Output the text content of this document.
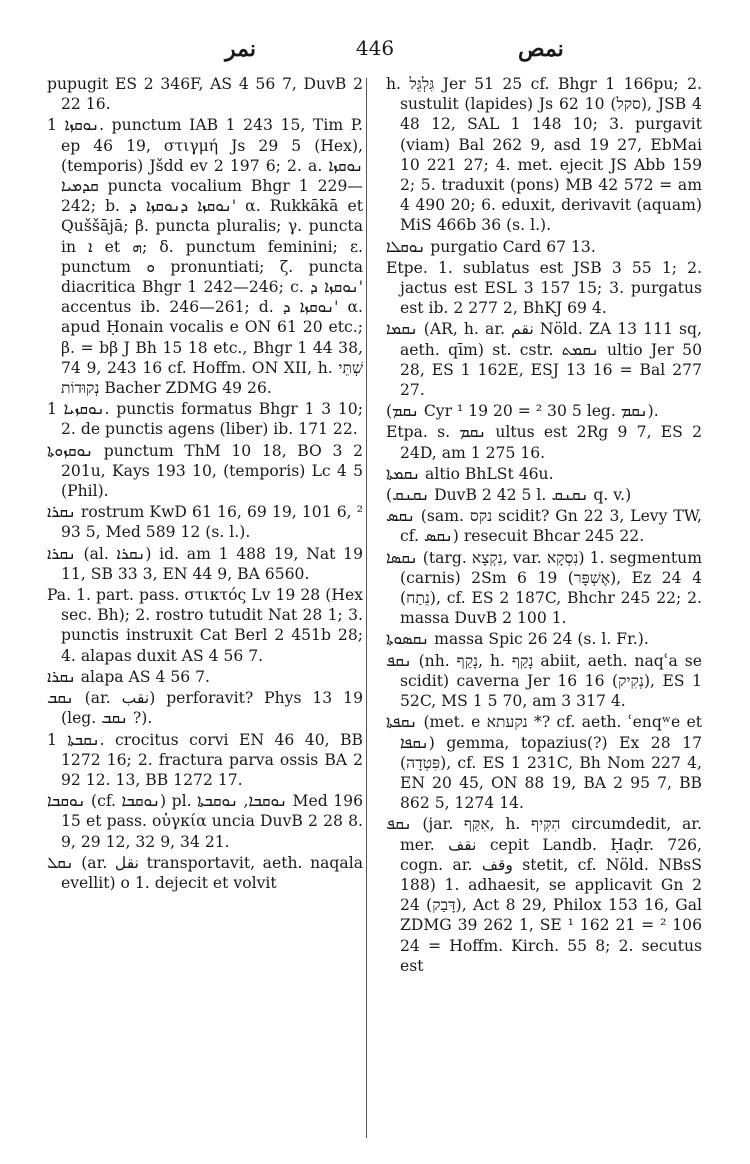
نمر	446	نمص

pupugit ES 2 346F, AS 4 56 7, DuvB 2 22 16.

ܢܘܩܙܐ 1. punctum IAB 1 243 15, Tim P. ep 46 19, στιγμή Js 29 5 (Hex), (temporis) Jšdd ev 2 197 6; 2. a. ܢܘܩܙܐ ܩܕܡܝܐ puncta vocalium Bhgr 1 229—242; b. ܢܘܩܙܐ ܕܢܘܩܙܐ ܕ' α. Rukkākā et Quššājā; β. puncta pluralis; γ. puncta in ܐ et ܗ; δ. punctum feminini; ε. punctum ܘ pronuntiati; ζ. puncta diacritica Bhgr 1 242—246; c. ܢܘܩܙܐ ܕ' accentus ib. 246—261; d. ܢܘܩܙܐ ܕ' α. apud Ḥonain vocalis e ON 61 20 etc.; β. = bβ J Bh 15 18 etc., Bhgr 1 44 38, 74 9, 243 16 cf. Hoffm. ON XII, h. שְׁתֵּי נְקוּדוֹת Bacher ZDMG 49 26.

ܢܘܩܙܝܐ 1. punctis formatus Bhgr 1 3 10; 2. de punctis agens (liber) ib. 171 22.

ܢܘܩܙܘܬܐ punctum ThM 10 18, BO 3 2 201u, Kays 193 10, (temporis) Lc 4 5 (Phil).

ܢܩܪܐ rostrum KwD 61 16, 69 19, 101 6, ² 93 5, Med 589 12 (s. l.).

ܢܩܪܐ (al. ܢܩܪܐ) id. am 1 488 19, Nat 19 11, SB 33 3, EN 44 9, BA 6560.

Pa. 1. part. pass. στικτός Lv 19 28 (Hex sec. Bh); 2. rostro tutudit Nat 28 1; 3. punctis instruxit Cat Berl 2 451b 28; 4. alapas duxit AS 4 56 7.

ܢܩܪܐ alapa AS 4 56 7.

ܢܩܒ (ar. نقب) perforavit? Phys 13 19 (leg. ܢܩܒ ?).

ܢܩܒܬܐ 1. crocitus corvi EN 46 40, BB 1272 16; 2. fractura parva ossis BA 2 92 12. 13, BB 1272 17.

ܢܘܩܒܐ (cf. ܢܘܩܒܐ) pl. ܢܘܩܒܐ, ܢܘܩܒܬܐ Med 196 15 et pass. οὐγκία uncia DuvB 2 28 8. 9, 29 12, 32 9, 34 21.

ܢܩܠ (ar. نقل transportavit, aeth. naqala evellit) o 1. dejecit et volvit

h. גִּלְגֵּל Jer 51 25 cf. Bhgr 1 166pu; 2. sustulit (lapides) Js 62 10 (סקל), JSB 4 48 12, SAL 1 148 10; 3. purgavit (viam) Bal 262 9, asd 19 27, EbMai 10 221 27; 4. met. ejecit JS Abb 159 2; 5. traduxit (pons) MB 42 572 = am 4 490 20; 6. eduxit, derivavit (aquam) MiS 466b 36 (s. l.).

ܢܘܩܠܐ purgatio Card 67 13.

Etpe. 1. sublatus est JSB 3 55 1; 2. jactus est ESL 3 157 15; 3. purgatus est ib. 2 277 2, BhKJ 69 4.

ܢܩܡܐ (AR, h. ar. نقم Nöld. ZA 13 111 sq, aeth. qīm) st. cstr. ܢܩܡܬ ultio Jer 50 28, ES 1 162E, ESJ 13 16 = Bal 277 27.

(ܢܩܡ Cyr ¹ 19 20 = ² 30 5 leg. ܢܩܡ).

Etpa. s. ܢܩܡ ultus est 2Rg 9 7, ES 2 24D, am 1 275 16.

ܢܩܡܬܐ altio BhLSt 46u.

(ܢܩܢܩ DuvB 2 42 5 l. ܢܩܢܩ q. v.)

ܢܩܣ (sam. נקס scidit? Gn 22 3, Levy TW, cf. ܢܩܣ) resecuit Bhcar 245 22.

ܢܩܣܐ (targ. נִקְצָא, var. נִסְקָא) 1. segmentum (carnis) 2Sm 6 19 (אֶשְׁפָּר), Ez 24 4 (נֵתַח), cf. ES 2 187C, Bhchr 245 22; 2. massa DuvB 2 100 1.

ܢܩܣܘܬܐ massa Spic 26 24 (s. l. Fr.).

ܢܩܦ (nh. נָקַף, h. נָקַף abiit, aeth. naqʿa se scidit) caverna Jer 16 16 (נְקִיק), ES 1 52C, MS 1 5 70, am 3 317 4.

ܢܩܦܬܐ (met. e נקעתא *? cf. aeth. ʿenqʷe et ܢܩܦܐ) gemma, topazius(?) Ex 28 17 (פִּטְדָה), cf. ES 1 231C, Bh Nom 227 4, EN 20 45, ON 88 19, BA 2 95 7, BB 862 5, 1274 14.

ܢܩܦ (jar. אִקַּף, h. הִקִּיף circumdedit, ar. mer. نقف cepit Landb. Ḥaḍr. 726, cogn. ar. وقف stetit, cf. Nöld. NBsS 188) 1. adhaesit, se applicavit Gn 2 24 (דָּבַק), Act 8 29, Philox 153 16, Gal ZDMG 39 262 1, SE ¹ 162 21 = ² 106 24 = Hoffm. Kirch. 55 8; 2. secutus est
